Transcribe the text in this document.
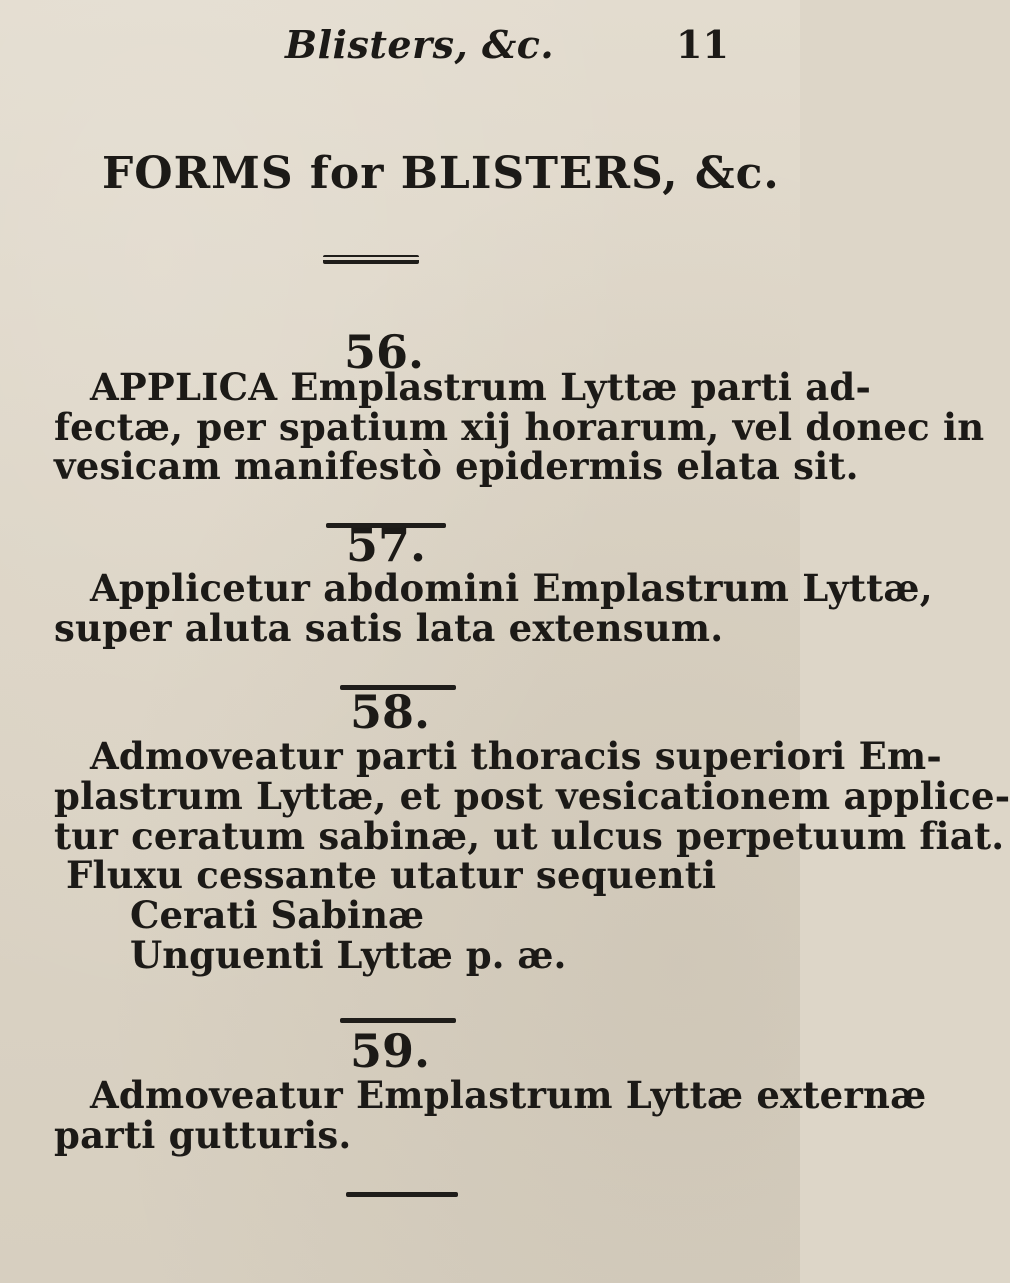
Blisters, &c.	11
FORMS for BLISTERS, &c.
56.
APPLICA Emplastrum Lyttæ parti ad-
fectæ, per spatium xij horarum, vel donec in
vesicam manifestò epidermis elata sit.
57.
Applicetur abdomini Emplastrum Lyttæ,
super aluta satis lata extensum.
58.
Admoveatur parti thoracis superiori Em-
plastrum Lyttæ, et post vesicationem applice-
tur ceratum sabinæ, ut ulcus perpetuum fiat.
Fluxu cessante utatur sequenti
Cerati Sabinæ
Unguenti Lyttæ p. æ.
59.
Admoveatur Emplastrum Lyttæ externæ
parti gutturis.
